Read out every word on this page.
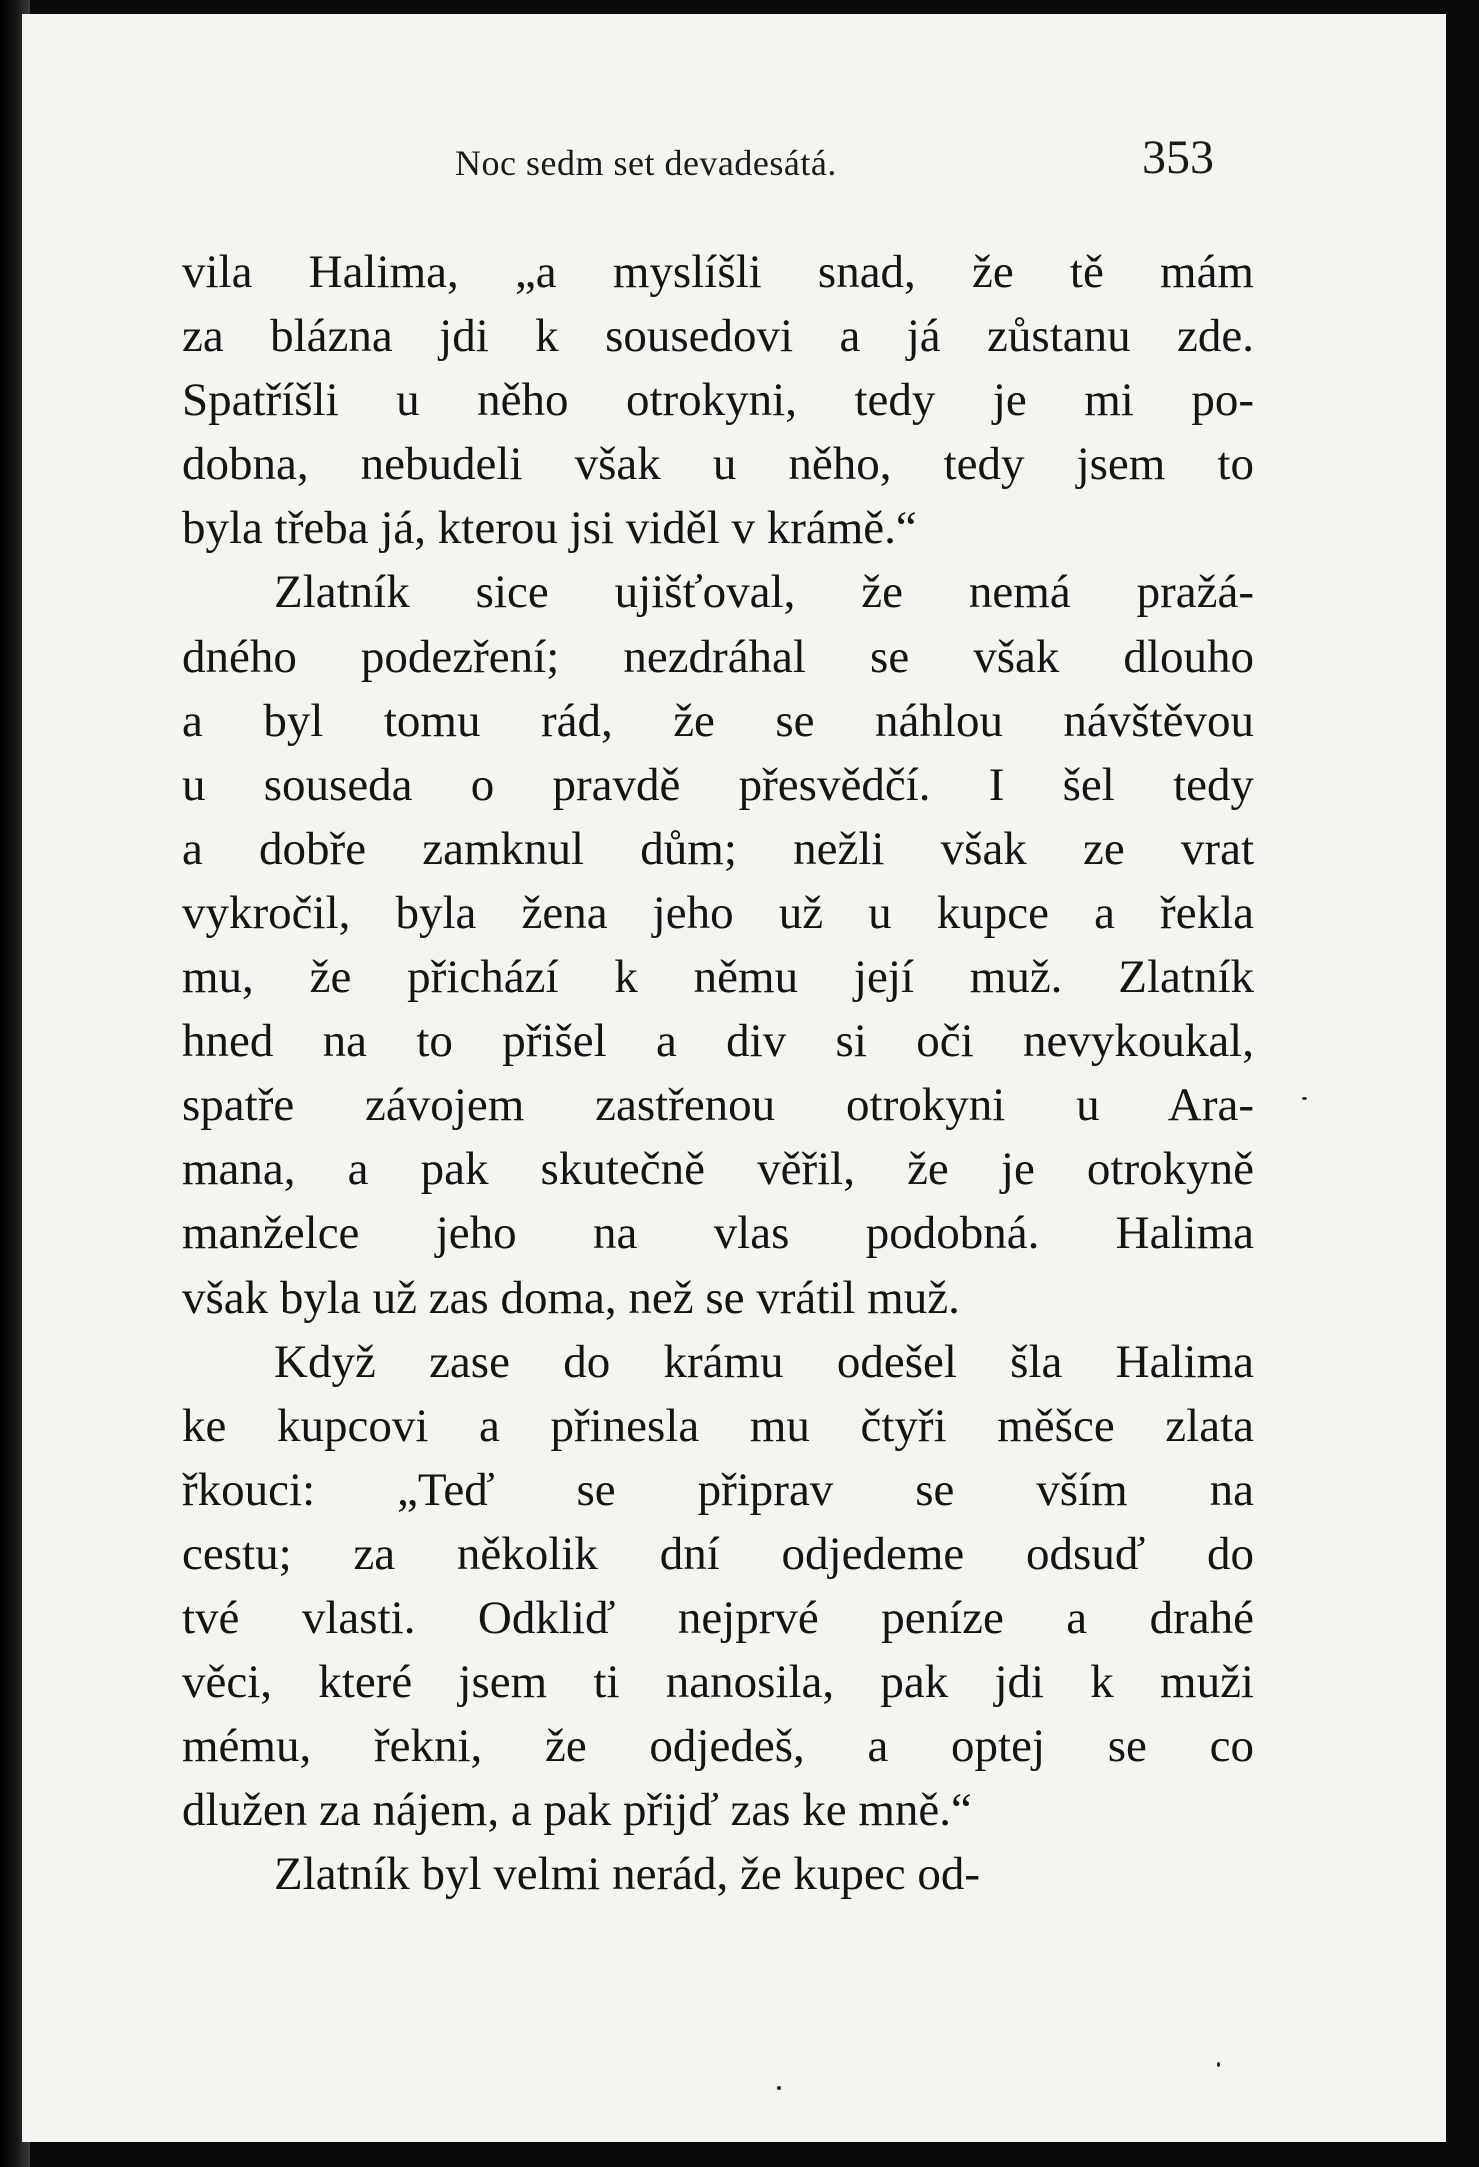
Noc sedm set devadesátá.	353
vila Halima, „a myslíšli snad, že tě mám
za blázna jdi k sousedovi a já zůstanu zde.
Spatříšli u něho otrokyni, tedy je mi po-
dobna, nebudeli však u něho, tedy jsem to
byla třeba já, kterou jsi viděl v krámě.“
Zlatník sice ujišťoval, že nemá pražá-
dného podezření; nezdráhal se však dlouho
a byl tomu rád, že se náhlou návštěvou
u souseda o pravdě přesvědčí. I šel tedy
a dobře zamknul dům; nežli však ze vrat
vykročil, byla žena jeho už u kupce a řekla
mu, že přichází k němu její muž. Zlatník
hned na to přišel a div si oči nevykoukal,
spatře závojem zastřenou otrokyni u Ara-
mana, a pak skutečně věřil, že je otrokyně
manželce jeho na vlas podobná. Halima
však byla už zas doma, než se vrátil muž.
Když zase do krámu odešel šla Halima
ke kupcovi a přinesla mu čtyři měšce zlata
řkouci: „Teď se připrav se vším na
cestu; za několik dní odjedeme odsuď do
tvé vlasti. Odkliď nejprvé peníze a drahé
věci, které jsem ti nanosila, pak jdi k muži
mému, řekni, že odjedeš, a optej se co
dlužen za nájem, a pak přijď zas ke mně.“
Zlatník byl velmi nerád, že kupec od-
